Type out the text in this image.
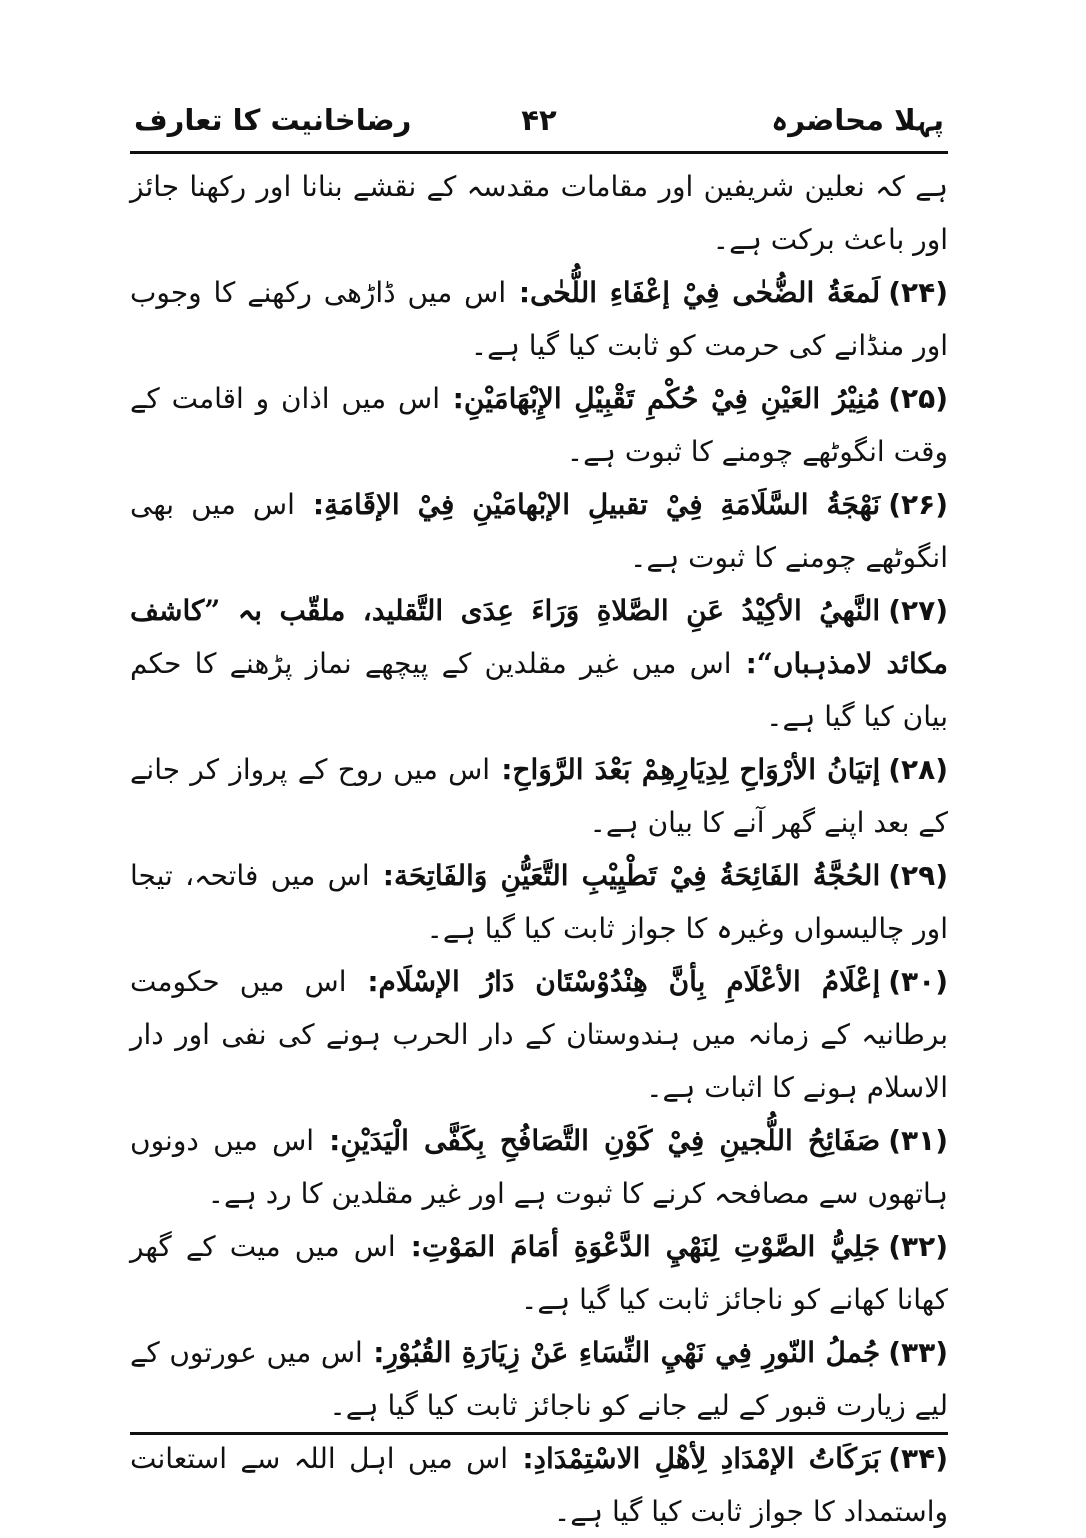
پہلا محاضرہ
۴۲
رضاخانیت کا تعارف

ہے کہ نعلین شریفین اور مقامات مقدسہ کے نقشے بنانا اور رکھنا جائز اور باعث برکت ہے۔

(۲۴)لَمعَةُ الضُّحٰى فِيْ إعْفَاءِ اللُّحٰى: اس میں ڈاڑھی رکھنے کا وجوب اور منڈانے کی حرمت کو ثابت کیا گیا ہے۔

(۲۵)مُنِيْرُ العَيْنِ فِيْ حُكْمِ تَقْبِيْلِ الإِبْهَامَيْنِ: اس میں اذان و اقامت کے وقت انگوٹھے چومنے کا ثبوت ہے۔

(۲۶)نَهْجَةُ السَّلَامَةِ فِيْ تقبيلِ الإبْهامَيْنِ فِيْ الإقَامَةِ: اس میں بھی انگوٹھے چومنے کا ثبوت ہے۔

(۲۷)النَّهيُ الأكِيْدُ عَنِ الصَّلاةِ وَرَاءَ عِدَى التَّقليد، ملقّب بہ ”کاشف مکائد لامذہباں“: اس میں غیر مقلدین کے پیچھے نماز پڑھنے کا حکم بیان کیا گیا ہے۔

(۲۸)إتيَانُ الأرْوَاحِ لِدِيَارِهِمْ بَعْدَ الرَّوَاحِ: اس میں روح کے پرواز کر جانے کے بعد اپنے گھر آنے کا بیان ہے۔

(۲۹)الحُجَّةُ الفَائِحَةُ فِيْ تَطْيِيْبِ التَّعَيُّنِ وَالفَاتِحَة: اس میں فاتحہ، تیجا اور چالیسواں وغیرہ کا جواز ثابت کیا گیا ہے۔

(۳۰)إعْلَامُ الأعْلَامِ بِأنَّ هِنْدُوْسْتَان دَارُ الإسْلَام: اس میں حکومت برطانیہ کے زمانہ میں ہندوستان کے دار الحرب ہونے کی نفی اور دار الاسلام ہونے کا اثبات ہے۔

(۳۱)صَفَائِحُ اللُّجينِ فِيْ كَوْنِ التَّصَافُحِ بِكَفَّى الْيَدَيْنِ: اس میں دونوں ہاتھوں سے مصافحہ کرنے کا ثبوت ہے اور غیر مقلدین کا رد ہے۔

(۳۲)جَلِيُّ الصَّوْتِ لِنَهْيِ الدَّعْوَةِ أمَامَ المَوْتِ: اس میں میت کے گھر کھانا کھانے کو ناجائز ثابت کیا گیا ہے۔

(۳۳)جُملُ النّورِ فِي نَهْيِ النِّسَاءِ عَنْ زِيَارَةِ القُبُوْرِ: اس میں عورتوں کے لیے زیارت قبور کے لیے جانے کو ناجائز ثابت کیا گیا ہے۔

(۳۴)بَرَكَاتُ الإمْدَادِ لِأهْلِ الاسْتِمْدَادِ: اس میں اہل اللہ سے استعانت واستمداد کا جواز ثابت کیا گیا ہے۔
